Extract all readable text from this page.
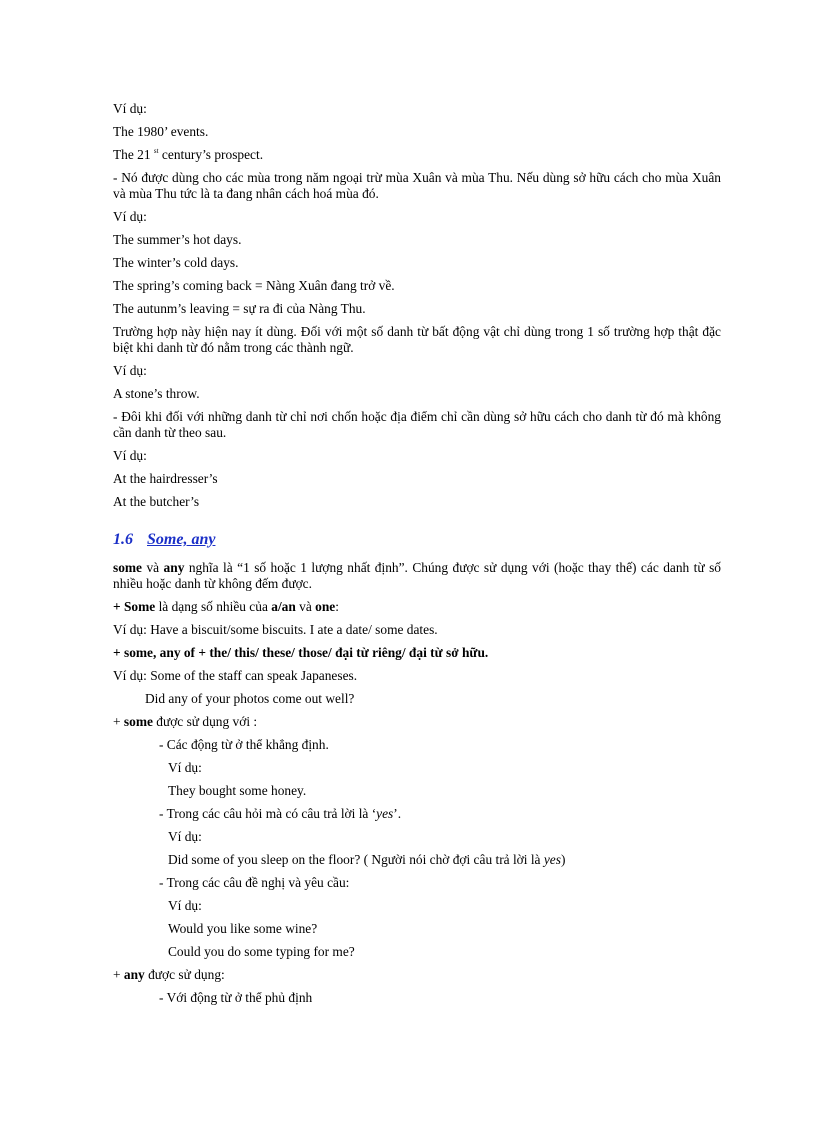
Ví dụ:

The 1980’ events.

The 21 $^{st}$ century’s prospect.

- Nó được dùng cho các mùa trong năm ngoại trừ mùa Xuân và mùa Thu. Nếu dùng sở hữu cách cho mùa Xuân và mùa Thu tức là ta đang nhân cách hoá mùa đó.

Ví dụ:

The summer’s hot days.

The winter’s cold days.

The spring’s coming back = Nàng Xuân đang trở về.

The autunm’s leaving = sự ra đi của Nàng Thu.

Trường hợp này hiện nay ít dùng. Đối với một số danh từ bất động vật chỉ dùng trong 1 số trường hợp thật đặc biệt khi danh từ đó nằm trong các thành ngữ.

Ví dụ:

A stone’s throw.

- Đôi khi đối với những danh từ chỉ nơi chốn hoặc địa điểm chỉ cần dùng sở hữu cách cho danh từ đó mà không cần danh từ theo sau.

Ví dụ:

At the hairdresser’s

At the butcher’s

1.6 Some, any

some và any nghĩa là “1 số hoặc 1 lượng nhất định”. Chúng được sử dụng với (hoặc thay thế) các danh từ số nhiều hoặc danh từ không đếm được.

+ Some là dạng số nhiều của a/an và one:

Ví dụ: Have a biscuit/some biscuits. I ate a date/ some dates.

+ some, any of + the/ this/ these/ those/ đại từ riêng/ đại từ sở hữu.

Ví dụ: Some of the staff can speak Japaneses.

Did any of your photos come out well?

+ some được sử dụng với :

- Các động từ ở thể khẳng định.

Ví dụ:

They bought some honey.

- Trong các câu hỏi mà có câu trả lời là ‘yes’.

Ví dụ:

Did some of you sleep on the floor? ( Người nói chờ đợi câu trả lời là yes)

- Trong các câu đề nghị và yêu cầu:

Ví dụ:

Would you like some wine?

Could you do some typing for me?

+ any được sử dụng:

- Với động từ ở thể phủ định
